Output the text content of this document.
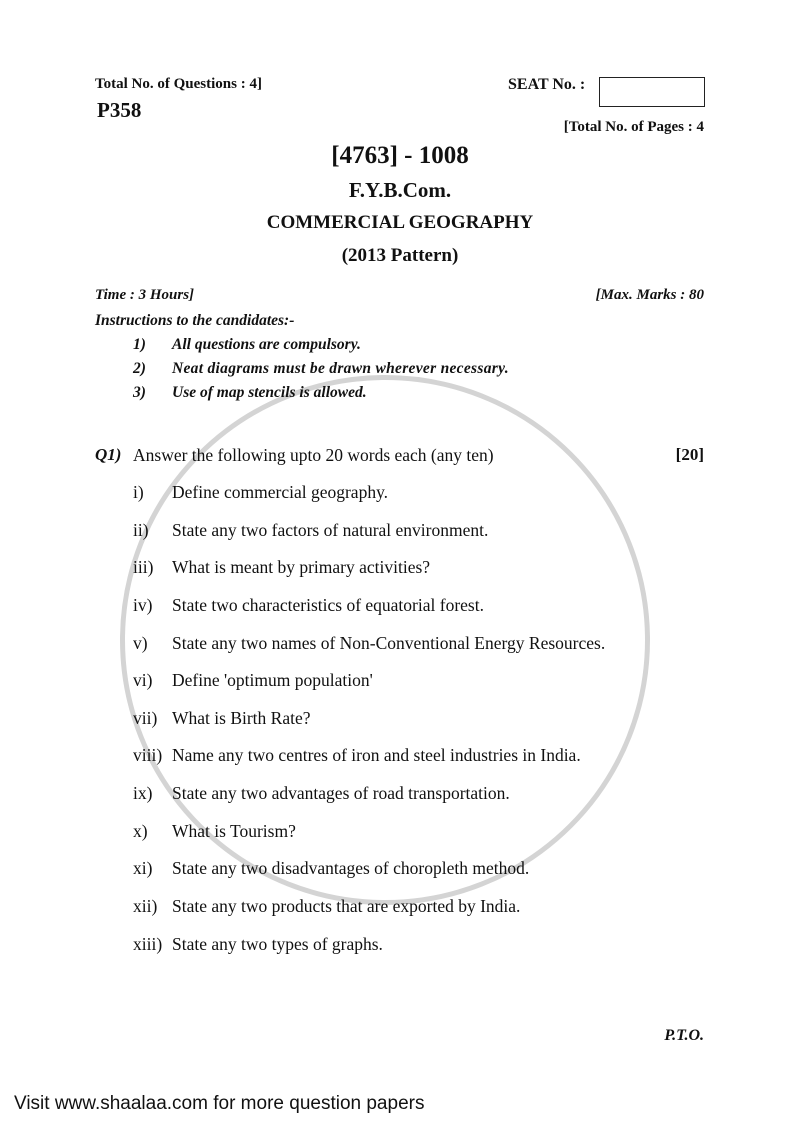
Total No. of Questions : 4]
P358
SEAT No. :
[Total No. of Pages : 4
[4763] - 1008
F.Y.B.Com.
COMMERCIAL GEOGRAPHY
(2013 Pattern)
Time : 3 Hours]	[Max. Marks : 80
Instructions to the candidates:-
1) All questions are compulsory.
2) Neat diagrams must be drawn wherever necessary.
3) Use of map stencils is allowed.
Q1) Answer the following upto 20 words each (any ten)	[20]
i) Define commercial geography.
ii) State any two factors of natural environment.
iii) What is meant by primary activities?
iv) State two characteristics of equatorial forest.
v) State any two names of Non-Conventional Energy Resources.
vi) Define 'optimum population'
vii) What is Birth Rate?
viii) Name any two centres of iron and steel industries in India.
ix) State any two advantages of road transportation.
x) What is Tourism?
xi) State any two disadvantages of choropleth method.
xii) State any two products that are exported by India.
xiii) State any two types of graphs.
P.T.O.
Visit www.shaalaa.com for more question papers
